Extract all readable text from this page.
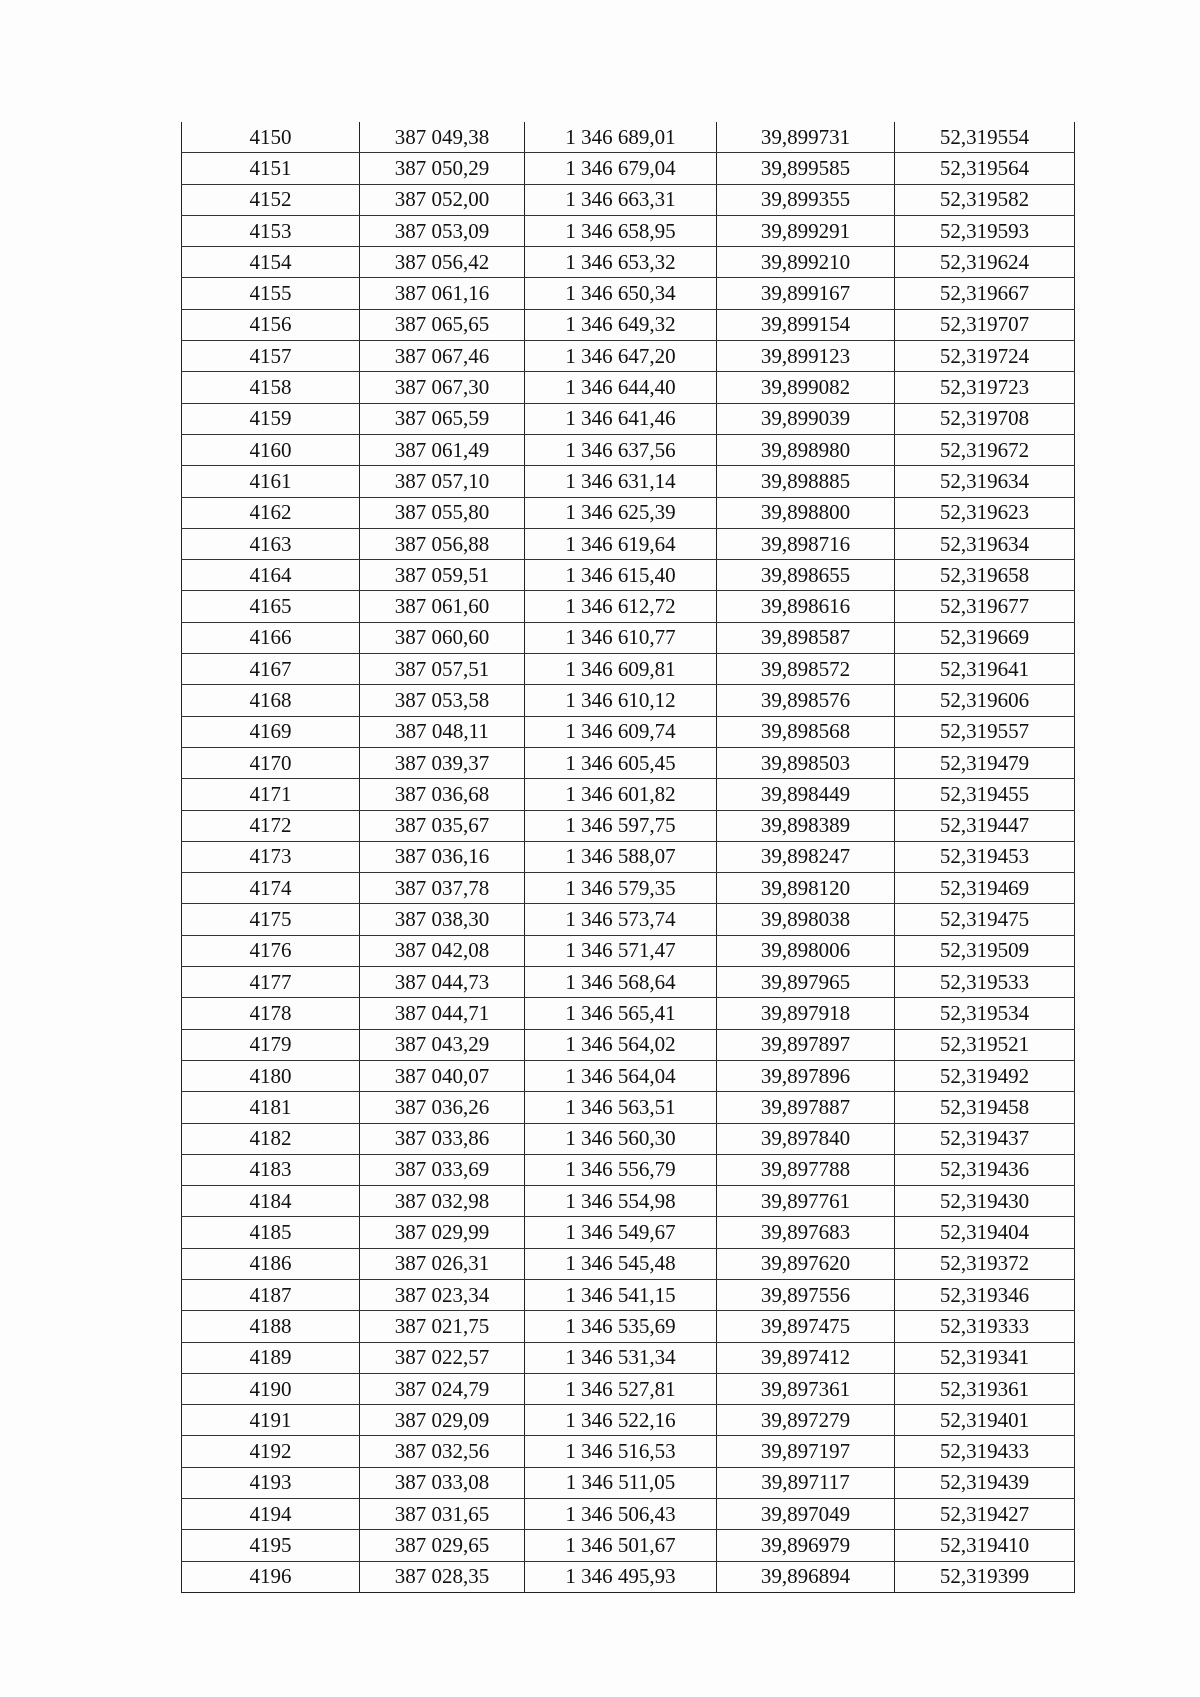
4150	387 049,38	1 346 689,01	39,899731	52,319554
4151	387 050,29	1 346 679,04	39,899585	52,319564
4152	387 052,00	1 346 663,31	39,899355	52,319582
4153	387 053,09	1 346 658,95	39,899291	52,319593
4154	387 056,42	1 346 653,32	39,899210	52,319624
4155	387 061,16	1 346 650,34	39,899167	52,319667
4156	387 065,65	1 346 649,32	39,899154	52,319707
4157	387 067,46	1 346 647,20	39,899123	52,319724
4158	387 067,30	1 346 644,40	39,899082	52,319723
4159	387 065,59	1 346 641,46	39,899039	52,319708
4160	387 061,49	1 346 637,56	39,898980	52,319672
4161	387 057,10	1 346 631,14	39,898885	52,319634
4162	387 055,80	1 346 625,39	39,898800	52,319623
4163	387 056,88	1 346 619,64	39,898716	52,319634
4164	387 059,51	1 346 615,40	39,898655	52,319658
4165	387 061,60	1 346 612,72	39,898616	52,319677
4166	387 060,60	1 346 610,77	39,898587	52,319669
4167	387 057,51	1 346 609,81	39,898572	52,319641
4168	387 053,58	1 346 610,12	39,898576	52,319606
4169	387 048,11	1 346 609,74	39,898568	52,319557
4170	387 039,37	1 346 605,45	39,898503	52,319479
4171	387 036,68	1 346 601,82	39,898449	52,319455
4172	387 035,67	1 346 597,75	39,898389	52,319447
4173	387 036,16	1 346 588,07	39,898247	52,319453
4174	387 037,78	1 346 579,35	39,898120	52,319469
4175	387 038,30	1 346 573,74	39,898038	52,319475
4176	387 042,08	1 346 571,47	39,898006	52,319509
4177	387 044,73	1 346 568,64	39,897965	52,319533
4178	387 044,71	1 346 565,41	39,897918	52,319534
4179	387 043,29	1 346 564,02	39,897897	52,319521
4180	387 040,07	1 346 564,04	39,897896	52,319492
4181	387 036,26	1 346 563,51	39,897887	52,319458
4182	387 033,86	1 346 560,30	39,897840	52,319437
4183	387 033,69	1 346 556,79	39,897788	52,319436
4184	387 032,98	1 346 554,98	39,897761	52,319430
4185	387 029,99	1 346 549,67	39,897683	52,319404
4186	387 026,31	1 346 545,48	39,897620	52,319372
4187	387 023,34	1 346 541,15	39,897556	52,319346
4188	387 021,75	1 346 535,69	39,897475	52,319333
4189	387 022,57	1 346 531,34	39,897412	52,319341
4190	387 024,79	1 346 527,81	39,897361	52,319361
4191	387 029,09	1 346 522,16	39,897279	52,319401
4192	387 032,56	1 346 516,53	39,897197	52,319433
4193	387 033,08	1 346 511,05	39,897117	52,319439
4194	387 031,65	1 346 506,43	39,897049	52,319427
4195	387 029,65	1 346 501,67	39,896979	52,319410
4196	387 028,35	1 346 495,93	39,896894	52,319399
